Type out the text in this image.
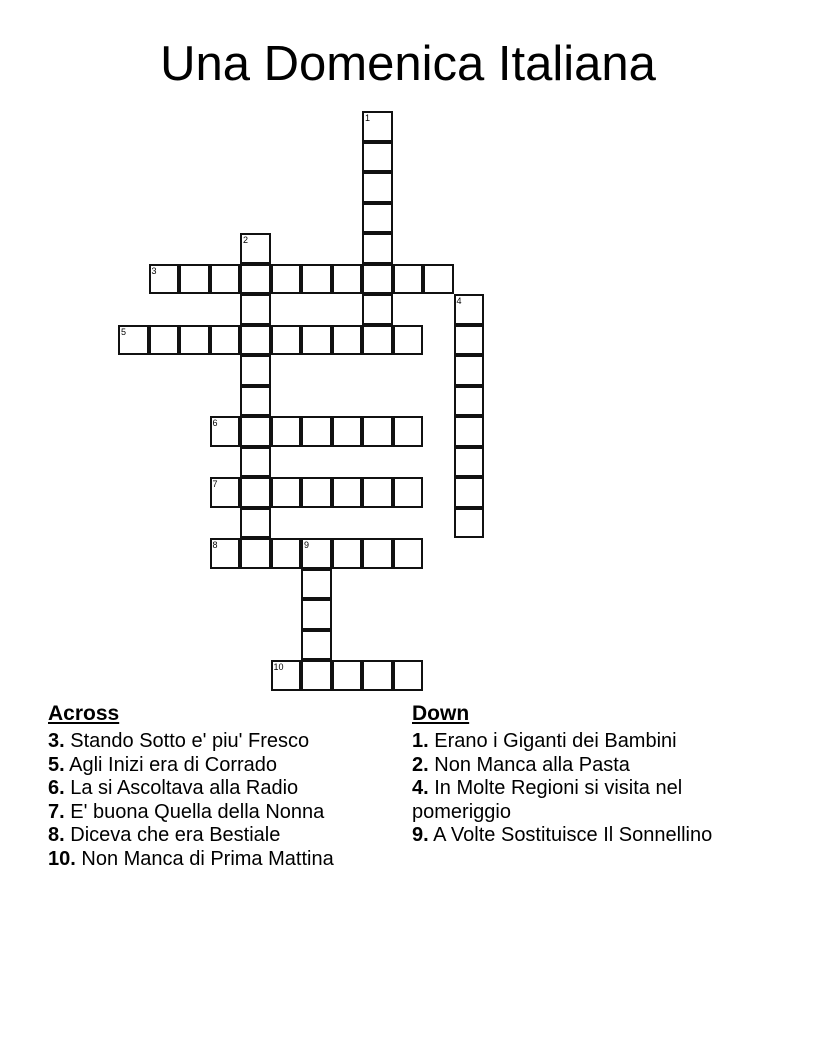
Una Domenica Italiana
1
2
3
4
5
6
7
8	9
10
Across

3. Stando Sotto e' piu' Fresco

5. Agli Inizi era di Corrado

6. La si Ascoltava alla Radio

7. E' buona Quella della Nonna

8. Diceva che era Bestiale

10. Non Manca di Prima Mattina

Down

1. Erano i Giganti dei Bambini

2. Non Manca alla Pasta

4. In Molte Regioni si visita nel pomeriggio

9. A Volte Sostituisce Il Sonnellino
